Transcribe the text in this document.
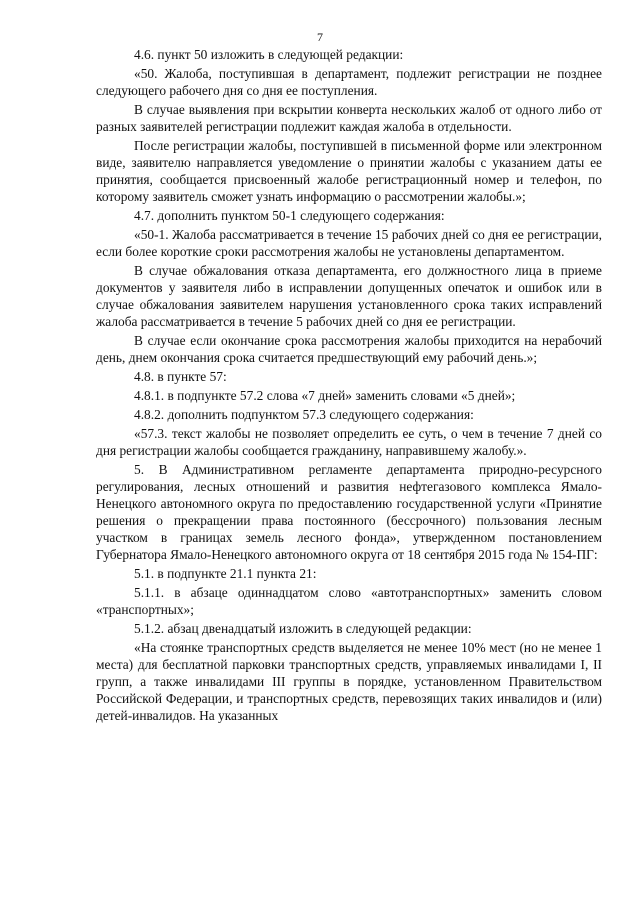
7

4.6. пункт 50 изложить в следующей редакции:

«50. Жалоба, поступившая в департамент, подлежит регистрации не позднее следующего рабочего дня со дня ее поступления.

В случае выявления при вскрытии конверта нескольких жалоб от одного либо от разных заявителей регистрации подлежит каждая жалоба в отдельности.

После регистрации жалобы, поступившей в письменной форме или электронном виде, заявителю направляется уведомление о принятии жалобы с указанием даты ее принятия, сообщается присвоенный жалобе регистрационный номер и телефон, по которому заявитель сможет узнать информацию о рассмотрении жалобы.»;

4.7. дополнить пунктом 50-1 следующего содержания:

«50-1. Жалоба рассматривается в течение 15 рабочих дней со дня ее регистрации, если более короткие сроки рассмотрения жалобы не установлены департаментом.

В случае обжалования отказа департамента, его должностного лица в приеме документов у заявителя либо в исправлении допущенных опечаток и ошибок или в случае обжалования заявителем нарушения установленного срока таких исправлений жалоба рассматривается в течение 5 рабочих дней со дня ее регистрации.

В случае если окончание срока рассмотрения жалобы приходится на нерабочий день, днем окончания срока считается предшествующий ему рабочий день.»;

4.8. в пункте 57:

4.8.1. в подпункте 57.2 слова «7 дней» заменить словами «5 дней»;

4.8.2. дополнить подпунктом 57.3 следующего содержания:

«57.3. текст жалобы не позволяет определить ее суть, о чем в течение 7 дней со дня регистрации жалобы сообщается гражданину, направившему жалобу.».

5. В Административном регламенте департамента природно-ресурсного регулирования, лесных отношений и развития нефтегазового комплекса Ямало-Ненецкого автономного округа по предоставлению государственной услуги «Принятие решения о прекращении права постоянного (бессрочного) пользования лесным участком в границах земель лесного фонда», утвержденном постановлением Губернатора Ямало-Ненецкого автономного округа от 18 сентября 2015 года № 154-ПГ:

5.1. в подпункте 21.1 пункта 21:

5.1.1. в абзаце одиннадцатом слово «автотранспортных» заменить словом «транспортных»;

5.1.2. абзац двенадцатый изложить в следующей редакции:

«На стоянке транспортных средств выделяется не менее 10% мест (но не менее 1 места) для бесплатной парковки транспортных средств, управляемых инвалидами I, II групп, а также инвалидами III группы в порядке, установленном Правительством Российской Федерации, и транспортных средств, перевозящих таких инвалидов и (или) детей-инвалидов. На указанных
